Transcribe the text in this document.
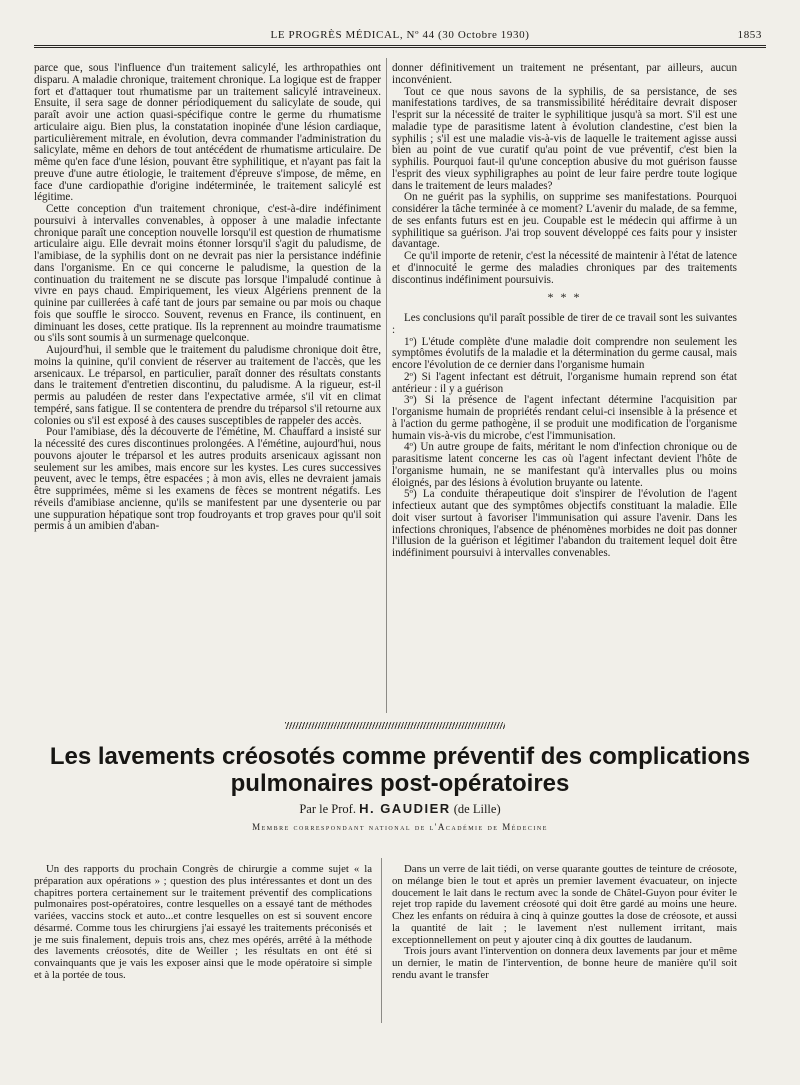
LE PROGRÈS MÉDICAL, Nº 44 (30 Octobre 1930)	1853

parce que, sous l'influence d'un traitement salicylé, les arthropathies ont disparu. A maladie chronique, traitement chronique. La logique est de frapper fort et d'attaquer tout rhumatisme par un traitement salicylé intraveineux. Ensuite, il sera sage de donner périodiquement du salicylate de soude, qui paraît avoir une action quasi-spécifique contre le germe du rhumatisme articulaire aigu. Bien plus, la constatation inopinée d'une lésion cardiaque, particulièrement mitrale, en évolution, devra commander l'administration du salicylate, même en dehors de tout antécédent de rhumatisme articulaire. De même qu'en face d'une lésion, pouvant être syphilitique, et n'ayant pas fait la preuve d'une autre étiologie, le traitement d'épreuve s'impose, de même, en face d'une cardiopathie d'origine indéterminée, le traitement salicylé est légitime.

Cette conception d'un traitement chronique, c'est-à-dire indéfiniment poursuivi à intervalles convenables, à opposer à une maladie infectante chronique paraît une conception nouvelle lorsqu'il est question de rhumatisme articulaire aigu. Elle devrait moins étonner lorsqu'il s'agit du paludisme, de l'amibiase, de la syphilis dont on ne devrait pas nier la persistance indéfinie dans l'organisme. En ce qui concerne le paludisme, la question de la continuation du traitement ne se discute pas lorsque l'impaludé continue à vivre en pays chaud. Empiriquement, les vieux Algériens prennent de la quinine par cuillerées à café tant de jours par semaine ou par mois ou chaque fois que souffle le sirocco. Souvent, revenus en France, ils continuent, en diminuant les doses, cette pratique. Ils la reprennent au moindre traumatisme ou s'ils sont soumis à un surmenage quelconque.

Aujourd'hui, il semble que le traitement du paludisme chronique doit être, moins la quinine, qu'il convient de réserver au traitement de l'accès, que les arsenicaux. Le tréparsol, en particulier, paraît donner des résultats constants dans le traitement d'entretien discontinu, du paludisme. A la rigueur, est-il permis au paludéen de rester dans l'expectative armée, s'il vit en climat tempéré, sans fatigue. Il se contentera de prendre du tréparsol s'il retourne aux colonies ou s'il est exposé à des causes susceptibles de rappeler des accès.

Pour l'amibiase, dès la découverte de l'émétine, M. Chauffard a insisté sur la nécessité des cures discontinues prolongées. A l'émétine, aujourd'hui, nous pouvons ajouter le tréparsol et les autres produits arsenicaux agissant non seulement sur les amibes, mais encore sur les kystes. Les cures successives peuvent, avec le temps, être espacées ; à mon avis, elles ne devraient jamais être supprimées, même si les examens de fèces se montrent négatifs. Les réveils d'amibiase ancienne, qu'ils se manifestent par une dysenterie ou par une suppuration hépatique sont trop foudroyants et trop graves pour qu'il soit permis à un amibien d'aban-

donner définitivement un traitement ne présentant, par ailleurs, aucun inconvénient.

Tout ce que nous savons de la syphilis, de sa persistance, de ses manifestations tardives, de sa transmissibilité héréditaire devrait disposer l'esprit sur la nécessité de traiter le syphilitique jusqu'à sa mort. S'il est une maladie type de parasitisme latent à évolution clandestine, c'est bien la syphilis ; s'il est une maladie vis-à-vis de laquelle le traitement agisse aussi bien au point de vue curatif qu'au point de vue préventif, c'est bien la syphilis. Pourquoi faut-il qu'une conception abusive du mot guérison fausse l'esprit des vieux syphiligraphes au point de leur faire perdre toute logique dans le traitement de leurs malades?

On ne guérit pas la syphilis, on supprime ses manifestations. Pourquoi considérer la tâche terminée à ce moment? L'avenir du malade, de sa femme, de ses enfants futurs est en jeu. Coupable est le médecin qui affirme à un syphilitique sa guérison. J'ai trop souvent développé ces faits pour y insister davantage.

Ce qu'il importe de retenir, c'est la nécessité de maintenir à l'état de latence et d'innocuité le germe des maladies chroniques par des traitements discontinus indéfiniment poursuivis.

* * *

Les conclusions qu'il paraît possible de tirer de ce travail sont les suivantes :

1º) L'étude complète d'une maladie doit comprendre non seulement les symptômes évolutifs de la maladie et la détermination du germe causal, mais encore l'évolution de ce dernier dans l'organisme humain

2º) Si l'agent infectant est détruit, l'organisme humain reprend son état antérieur : il y a guérison

3º) Si la présence de l'agent infectant détermine l'acquisition par l'organisme humain de propriétés rendant celui-ci insensible à la présence et à l'action du germe pathogène, il se produit une modification de l'organisme humain vis-à-vis du microbe, c'est l'immunisation.

4º) Un autre groupe de faits, méritant le nom d'infection chronique ou de parasitisme latent concerne les cas où l'agent infectant devient l'hôte de l'organisme humain, ne se manifestant qu'à intervalles plus ou moins éloignés, par des lésions à évolution bruyante ou latente.

5º) La conduite thérapeutique doit s'inspirer de l'évolution de l'agent infectieux autant que des symptômes objectifs constituant la maladie. Elle doit viser surtout à favoriser l'immunisation qui assure l'avenir. Dans les infections chroniques, l'absence de phénomènes morbides ne doit pas donner l'illusion de la guérison et légitimer l'abandon du traitement lequel doit être indéfiniment poursuivi à intervalles convenables.

Les lavements créosotés comme préventif des complications
pulmonaires post-opératoires
Par le Prof. H. GAUDIER (de Lille)
Membre correspondant national de l'Académie de Médecine

Un des rapports du prochain Congrès de chirurgie a comme sujet « la préparation aux opérations » ; question des plus intéressantes et dont un des chapitres portera certainement sur le traitement préventif des complications pulmonaires post-opératoires, contre lesquelles on a essayé tant de méthodes variées, vaccins stock et auto...et contre lesquelles on est si souvent encore désarmé. Comme tous les chirurgiens j'ai essayé les traitements préconisés et je me suis finalement, depuis trois ans, chez mes opérés, arrêté à la méthode des lavements créosotés, dite de Weiller ; les résultats en ont été si convainquants que je vais les exposer ainsi que le mode opératoire si simple et à la portée de tous.

Dans un verre de lait tiédi, on verse quarante gouttes de teinture de créosote, on mélange bien le tout et après un premier lavement évacuateur, on injecte doucement le lait dans le rectum avec la sonde de Châtel-Guyon pour éviter le rejet trop rapide du lavement créosoté qui doit être gardé au moins une heure. Chez les enfants on réduira à cinq à quinze gouttes la dose de créosote, et aussi la quantité de lait ; le lavement n'est nullement irritant, mais exceptionnellement on peut y ajouter cinq à dix gouttes de laudanum.

Trois jours avant l'intervention on donnera deux lavements par jour et même un dernier, le matin de l'intervention, de bonne heure de manière qu'il soit rendu avant le transfer
